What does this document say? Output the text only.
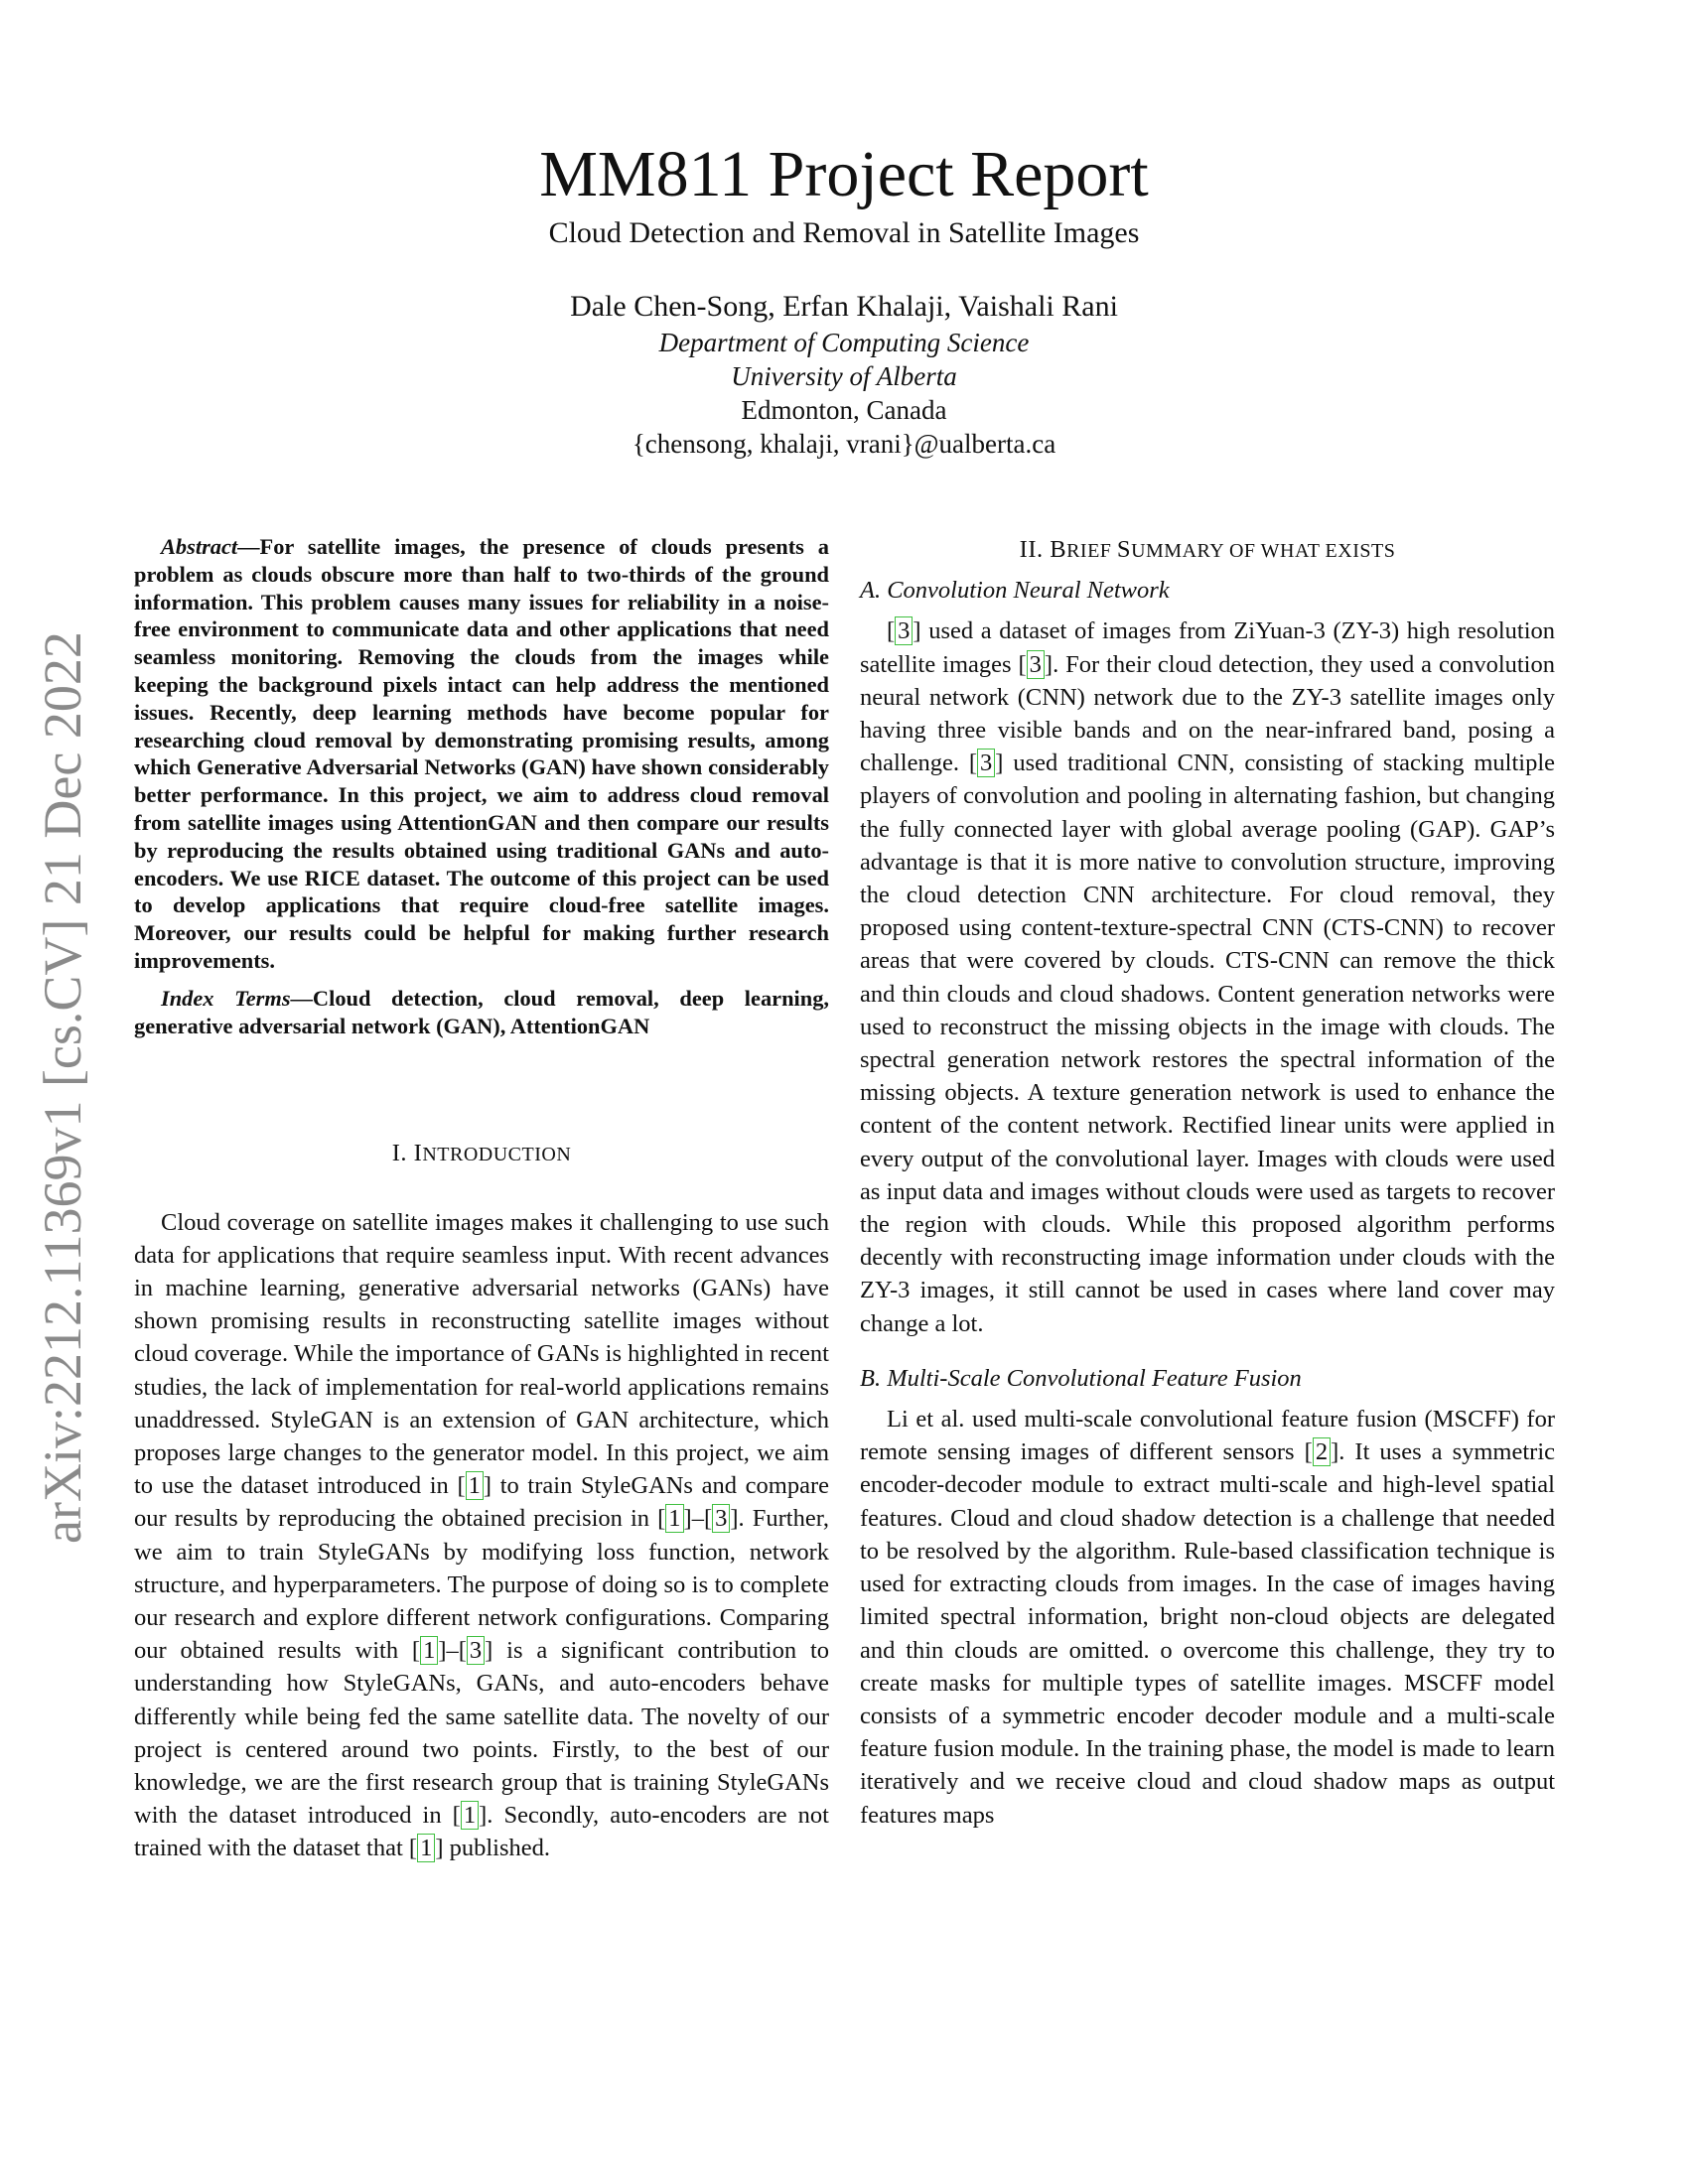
arXiv:2212.11369v1 [cs.CV] 21 Dec 2022
MM811 Project Report
Cloud Detection and Removal in Satellite Images
Dale Chen-Song, Erfan Khalaji, Vaishali Rani
Department of Computing Science
University of Alberta
Edmonton, Canada
{chensong, khalaji, vrani}@ualberta.ca

Abstract—For satellite images, the presence of clouds presents a problem as clouds obscure more than half to two-thirds of the ground information. This problem causes many issues for reliability in a noise-free environment to communicate data and other applications that need seamless monitoring. Removing the clouds from the images while keeping the background pixels intact can help address the mentioned issues. Recently, deep learning methods have become popular for researching cloud removal by demonstrating promising results, among which Generative Adversarial Networks (GAN) have shown considerably better performance. In this project, we aim to address cloud removal from satellite images using AttentionGAN and then compare our results by reproducing the results obtained using traditional GANs and auto-encoders. We use RICE dataset. The outcome of this project can be used to develop applications that require cloud-free satellite images. Moreover, our results could be helpful for making further research improvements.

Index Terms—Cloud detection, cloud removal, deep learning, generative adversarial network (GAN), AttentionGAN

I. INTRODUCTION

Cloud coverage on satellite images makes it challenging to use such data for applications that require seamless input. With recent advances in machine learning, generative adversarial networks (GANs) have shown promising results in reconstructing satellite images without cloud coverage. While the importance of GANs is highlighted in recent studies, the lack of implementation for real-world applications remains unaddressed. StyleGAN is an extension of GAN architecture, which proposes large changes to the generator model. In this project, we aim to use the dataset introduced in [ 1 ] to train StyleGANs and compare our results by reproducing the obtained precision in [ 1 ]–[ 3 ]. Further, we aim to train StyleGANs by modifying loss function, network structure, and hyperparameters. The purpose of doing so is to complete our research and explore different network configurations. Comparing our obtained results with [ 1 ]–[ 3 ] is a significant contribution to understanding how StyleGANs, GANs, and auto-encoders behave differently while being fed the same satellite data. The novelty of our project is centered around two points. Firstly, to the best of our knowledge, we are the first research group that is training StyleGANs with the dataset introduced in [ 1 ]. Secondly, auto-encoders are not trained with the dataset that [ 1 ] published.

II. BRIEF SUMMARY OF WHAT EXISTS
A. Convolution Neural Network

[ 3 ] used a dataset of images from ZiYuan-3 (ZY-3) high resolution satellite images [ 3 ]. For their cloud detection, they used a convolution neural network (CNN) network due to the ZY-3 satellite images only having three visible bands and on the near-infrared band, posing a challenge. [ 3 ] used traditional CNN, consisting of stacking multiple players of convolution and pooling in alternating fashion, but changing the fully connected layer with global average pooling (GAP). GAP’s advantage is that it is more native to convolution structure, improving the cloud detection CNN architecture. For cloud removal, they proposed using content-texture-spectral CNN (CTS-CNN) to recover areas that were covered by clouds. CTS-CNN can remove the thick and thin clouds and cloud shadows. Content generation networks were used to reconstruct the missing objects in the image with clouds. The spectral generation network restores the spectral information of the missing objects. A texture generation network is used to enhance the content of the content network. Rectified linear units were applied in every output of the convolutional layer. Images with clouds were used as input data and images without clouds were used as targets to recover the region with clouds. While this proposed algorithm performs decently with reconstructing image information under clouds with the ZY-3 images, it still cannot be used in cases where land cover may change a lot.

B. Multi-Scale Convolutional Feature Fusion

Li et al. used multi-scale convolutional feature fusion (MSCFF) for remote sensing images of different sensors [ 2 ]. It uses a symmetric encoder-decoder module to extract multi-scale and high-level spatial features. Cloud and cloud shadow detection is a challenge that needed to be resolved by the algorithm. Rule-based classification technique is used for extracting clouds from images. In the case of images having limited spectral information, bright non-cloud objects are delegated and thin clouds are omitted. o overcome this challenge, they try to create masks for multiple types of satellite images. MSCFF model consists of a symmetric encoder decoder module and a multi-scale feature fusion module. In the training phase, the model is made to learn iteratively and we receive cloud and cloud shadow maps as output features maps
